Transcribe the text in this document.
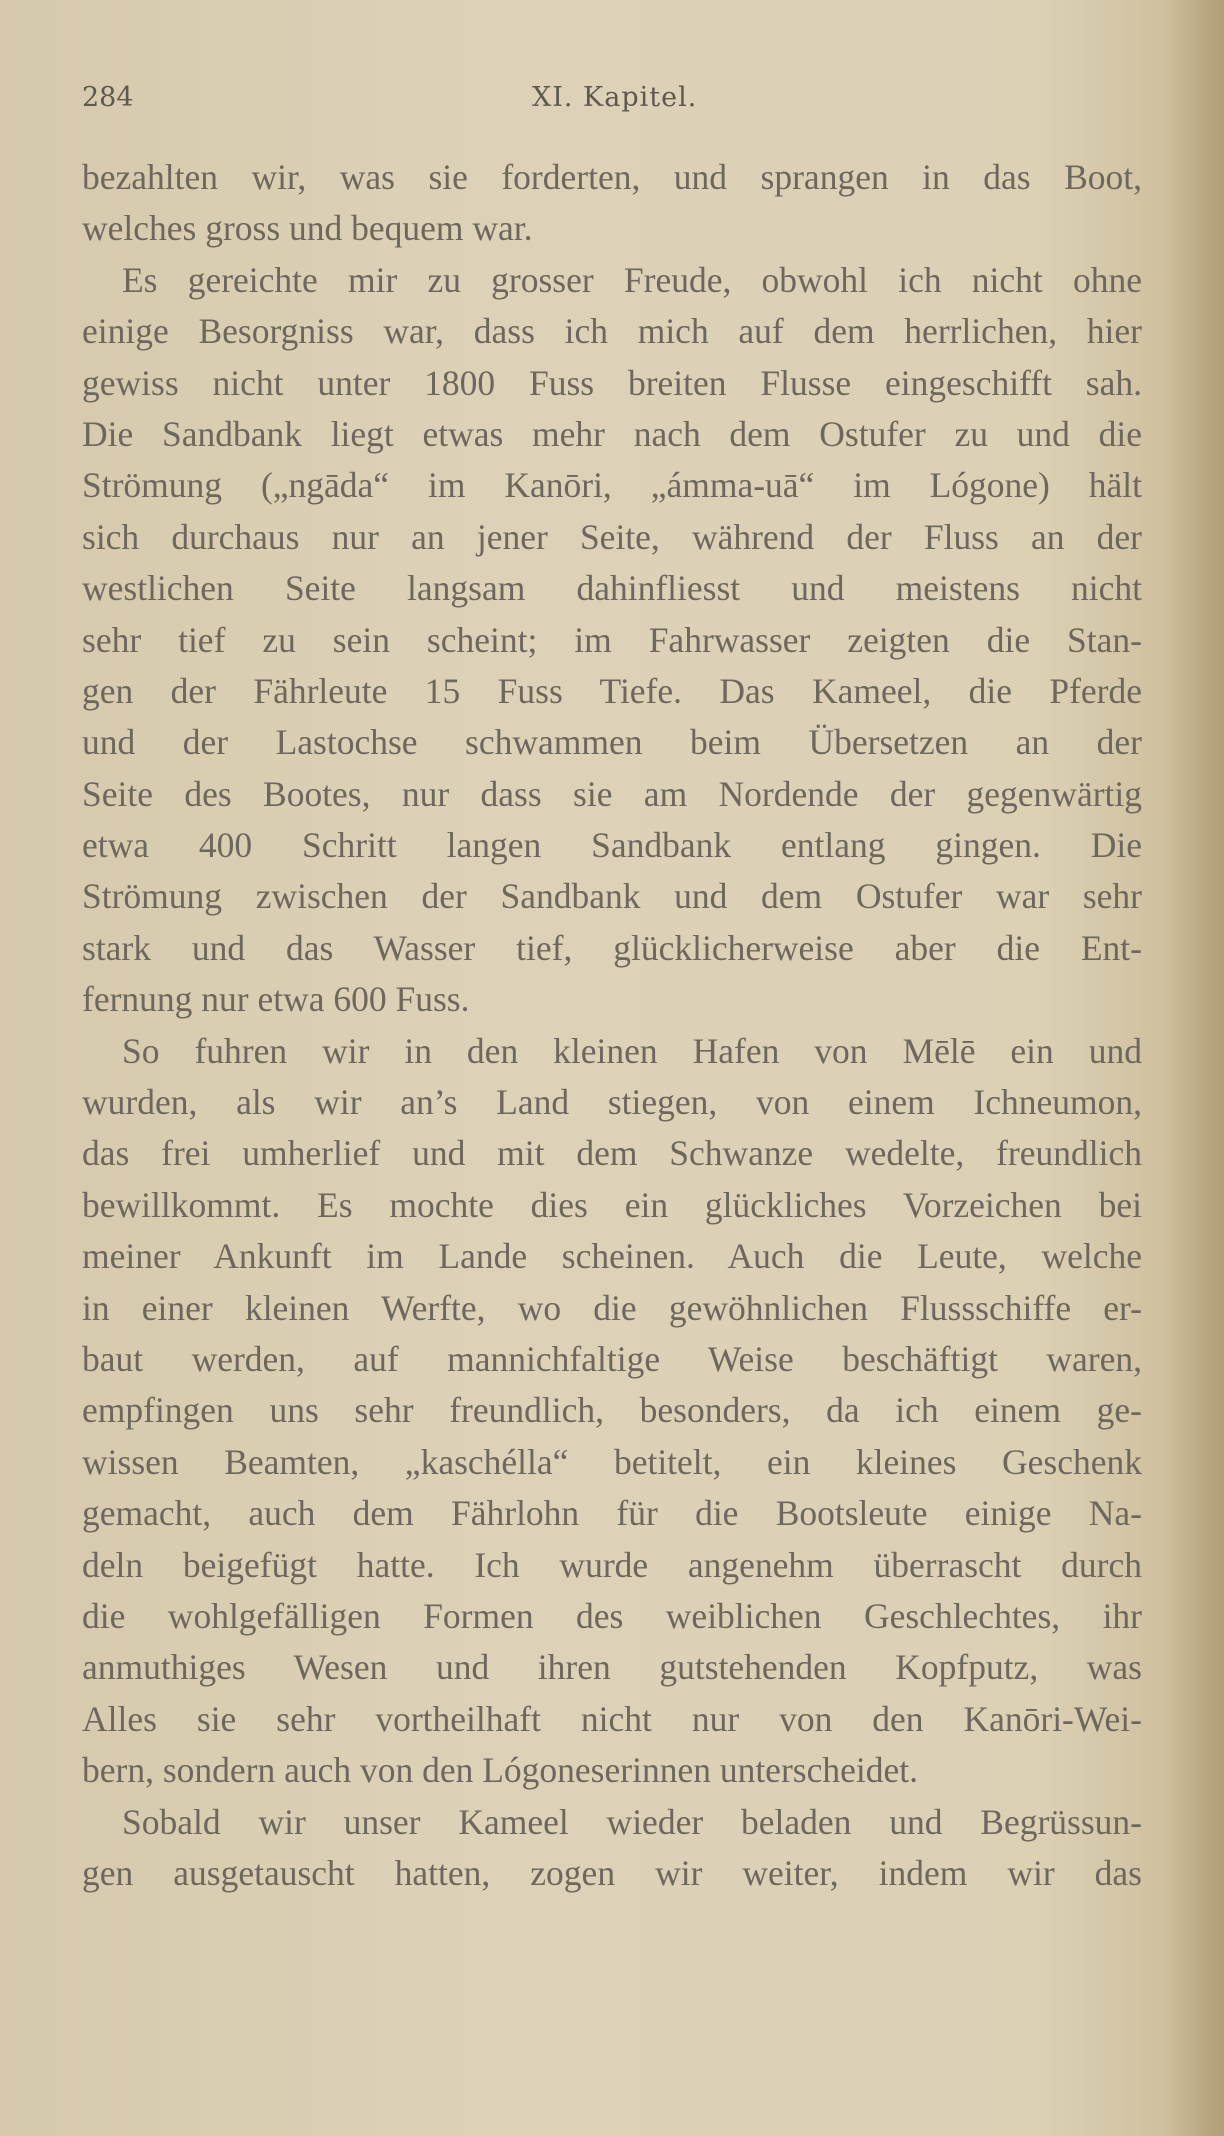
284	XI. Kapitel.
bezahlten wir, was sie forderten, und sprangen in das Boot,
welches gross und bequem war.
Es gereichte mir zu grosser Freude, obwohl ich nicht ohne
einige Besorgniss war, dass ich mich auf dem herrlichen, hier
gewiss nicht unter 1800 Fuss breiten Flusse eingeschifft sah.
Die Sandbank liegt etwas mehr nach dem Ostufer zu und die
Strömung („ngāda“ im Kanōri, „ámma-uā“ im Lógone) hält
sich durchaus nur an jener Seite, während der Fluss an der
westlichen Seite langsam dahinfliesst und meistens nicht
sehr tief zu sein scheint; im Fahrwasser zeigten die Stan-
gen der Fährleute 15 Fuss Tiefe. Das Kameel, die Pferde
und der Lastochse schwammen beim Übersetzen an der
Seite des Bootes, nur dass sie am Nordende der gegenwärtig
etwa 400 Schritt langen Sandbank entlang gingen. Die
Strömung zwischen der Sandbank und dem Ostufer war sehr
stark und das Wasser tief, glücklicherweise aber die Ent-
fernung nur etwa 600 Fuss.
So fuhren wir in den kleinen Hafen von Mēlē ein und
wurden, als wir an’s Land stiegen, von einem Ichneumon,
das frei umherlief und mit dem Schwanze wedelte, freundlich
bewillkommt. Es mochte dies ein glückliches Vorzeichen bei
meiner Ankunft im Lande scheinen. Auch die Leute, welche
in einer kleinen Werfte, wo die gewöhnlichen Flussschiffe er-
baut werden, auf mannichfaltige Weise beschäftigt waren,
empfingen uns sehr freundlich, besonders, da ich einem ge-
wissen Beamten, „kaschélla“ betitelt, ein kleines Geschenk
gemacht, auch dem Fährlohn für die Bootsleute einige Na-
deln beigefügt hatte. Ich wurde angenehm überrascht durch
die wohlgefälligen Formen des weiblichen Geschlechtes, ihr
anmuthiges Wesen und ihren gutstehenden Kopfputz, was
Alles sie sehr vortheilhaft nicht nur von den Kanōri-Wei-
bern, sondern auch von den Lógoneserinnen unterscheidet.
Sobald wir unser Kameel wieder beladen und Begrüssun-
gen ausgetauscht hatten, zogen wir weiter, indem wir das
